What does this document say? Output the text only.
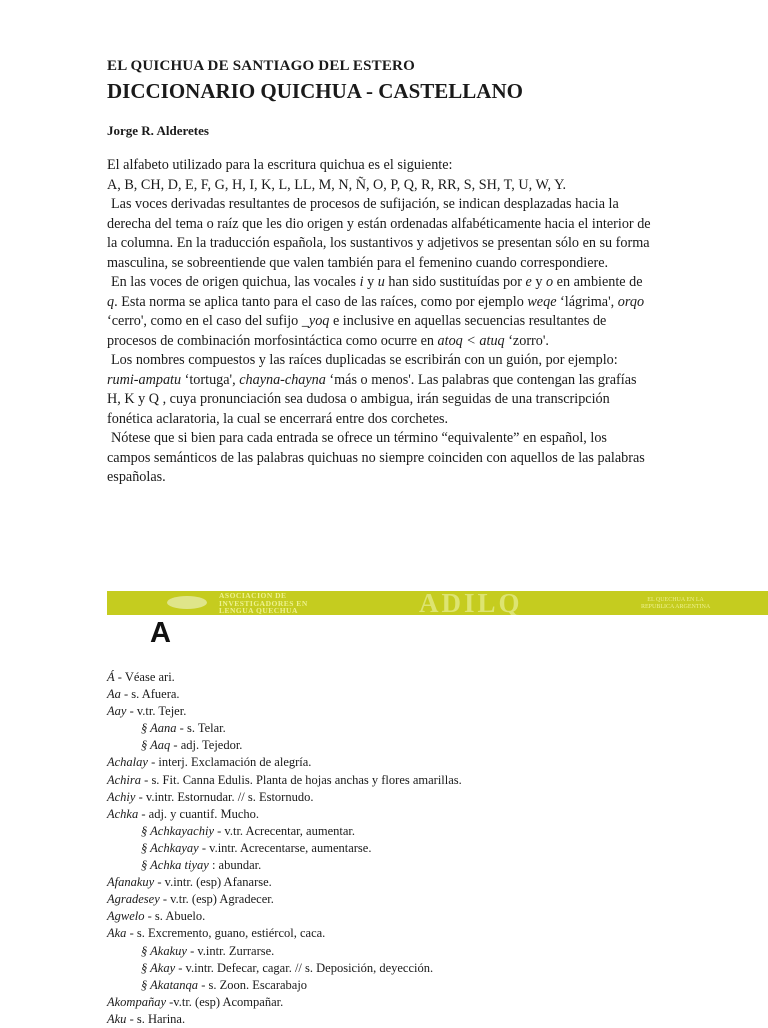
EL QUICHUA DE SANTIAGO DEL ESTERO
DICCIONARIO QUICHUA - CASTELLANO
Jorge R. Alderetes

El alfabeto utilizado para la escritura quichua es el siguiente:

A, B, CH, D, E, F, G, H, I, K, L, LL, M, N, Ñ, O, P, Q, R, RR, S, SH, T, U, W, Y.

Las voces derivadas resultantes de procesos de sufijación, se indican desplazadas hacia la derecha del tema o raíz que les dio origen y están ordenadas alfabéticamente hacia el interior de la columna. En la traducción española, los sustantivos y adjetivos se presentan sólo en su forma masculina, se sobreentiende que valen también para el femenino cuando correspondiere.

En las voces de origen quichua, las vocales i y u han sido sustituídas por e y o en ambiente de q. Esta norma se aplica tanto para el caso de las raíces, como por ejemplo weqe ‘lágrima', orqo ‘cerro', como en el caso del sufijo _yoq e inclusive en aquellas secuencias resultantes de procesos de combinación morfosintáctica como ocurre en atoq < atuq ‘zorro'.

Los nombres compuestos y las raíces duplicadas se escribirán con un guión, por ejemplo: rumi-ampatu ‘tortuga', chayna-chayna ‘más o menos'. Las palabras que contengan las grafías H, K y Q , cuya pronunciación sea dudosa o ambigua, irán seguidas de una transcripción fonética aclaratoria, la cual se encerrará entre dos corchetes.

Nótese que si bien para cada entrada se ofrece un término “equivalente” en español, los campos semánticos de las palabras quichuas no siempre coinciden con aquellos de las palabras españolas.

ASOCIACION DE
INVESTIGADORES EN
LENGUA QUECHUA	ADILQ	EL QUECHUA EN LA
REPUBLICA ARGENTINA
A
Á - Véase ari.
Aa - s. Afuera.
Aay - v.tr. Tejer.
§ Aana - s. Telar.
§ Aaq - adj. Tejedor.
Achalay - interj. Exclamación de alegría.
Achira - s. Fit. Canna Edulis. Planta de hojas anchas y flores amarillas.
Achiy - v.intr. Estornudar. // s. Estornudo.
Achka - adj. y cuantif. Mucho.
§ Achkayachiy - v.tr. Acrecentar, aumentar.
§ Achkayay - v.intr. Acrecentarse, aumentarse.
§ Achka tiyay : abundar.
Afanakuy - v.intr. (esp) Afanarse.
Agradesey - v.tr. (esp) Agradecer.
Agwelo - s. Abuelo.
Aka - s. Excremento, guano, estiércol, caca.
§ Akakuy - v.intr. Zurrarse.
§ Akay - v.intr. Defecar, cagar. // s. Deposición, deyección.
§ Akatanqa - s. Zoon. Escarabajo
Akompañay -v.tr. (esp) Acompañar.
Aku - s. Harina.
